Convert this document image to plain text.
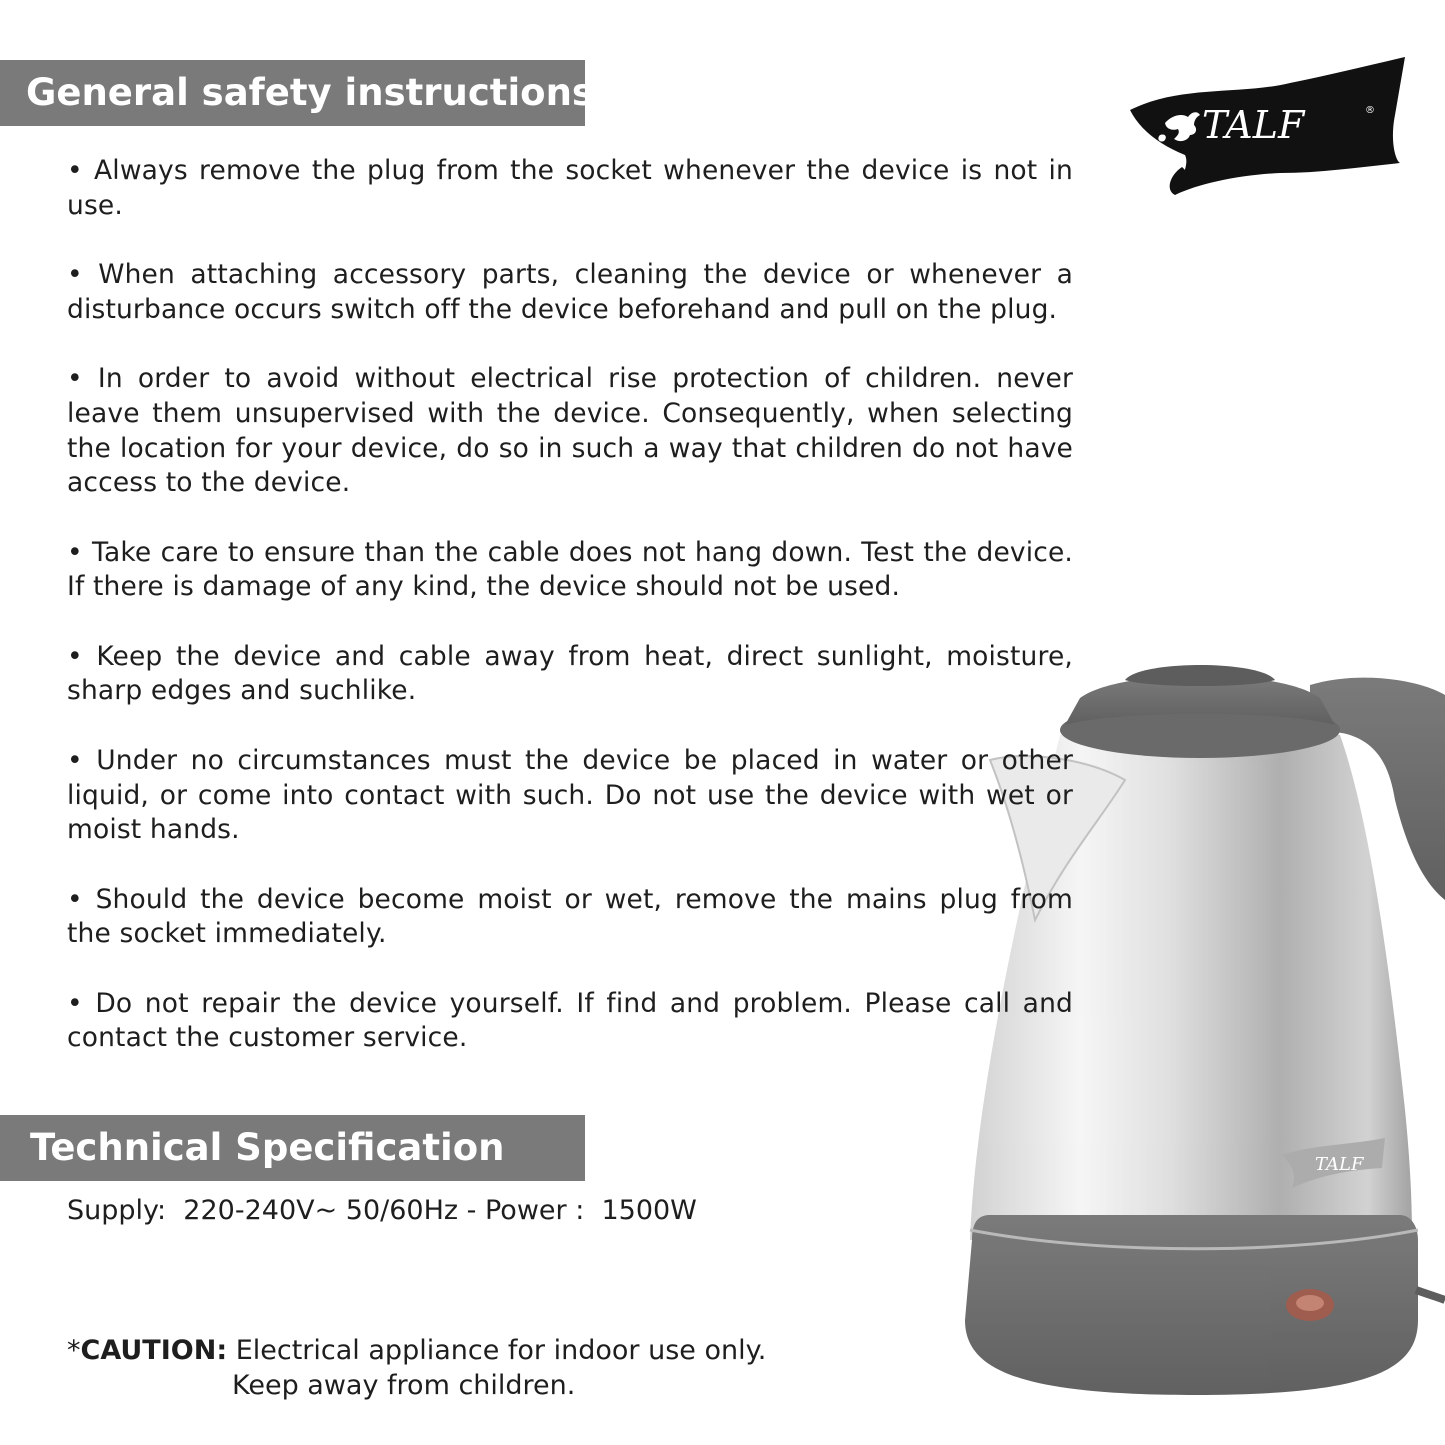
General safety instructions

• Always remove the plug from the socket whenever the device is not in use.

• When attaching accessory parts, cleaning the device or whenever a disturbance occurs switch off the device beforehand and pull on the plug.

• In order to avoid without electrical rise protection of children. never leave them unsupervised with the device. Consequently, when selecting the location for your device, do so in such a way that children do not have access to the device.

• Take care to ensure than the cable does not hang down. Test the device. If there is damage of any kind, the device should not be used.

• Keep the device and cable away from heat, direct sunlight, moisture, sharp edges and suchlike.

• Under no circumstances must the device be placed in water or other liquid, or come into contact with such. Do not use the device with wet or moist hands.

• Should the device become moist or wet, remove the mains plug from the socket immediately.

• Do not repair the device yourself. If find and problem. Please call and contact the customer service.

Technical Specification
Supply:  220-240V~ 50/60Hz - Power :  1500W
*CAUTION: Electrical appliance for indoor use only.
Keep away from children.
TALF	®
TALF
